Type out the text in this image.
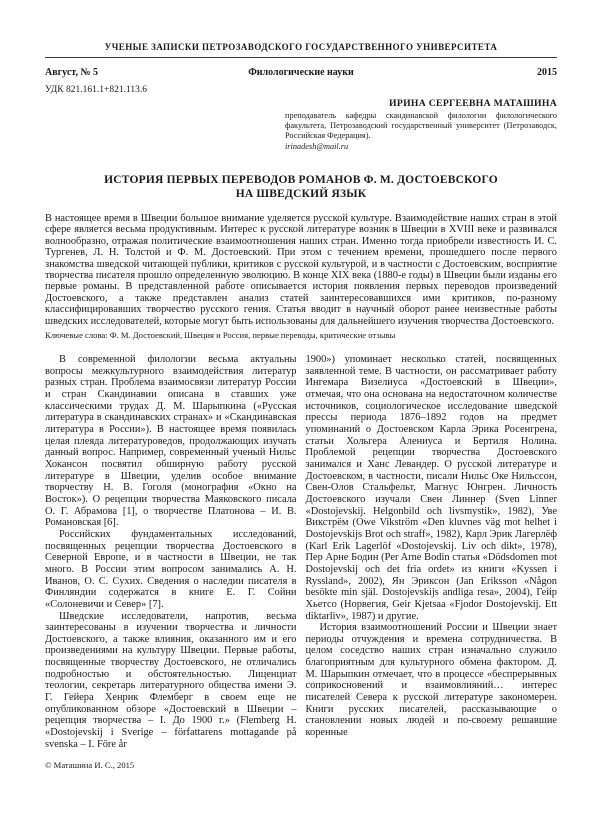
УЧЕНЫЕ ЗАПИСКИ ПЕТРОЗАВОДСКОГО ГОСУДАРСТВЕННОГО УНИВЕРСИТЕТА
Август, № 5	Филологические науки	2015
УДК 821.161.1+821.113.6
ИРИНА СЕРГЕЕВНА МАТАШИНА
преподаватель кафедры скандинавской филологии филологического факультета, Петрозаводский государственный университет (Петрозаводск, Российская Федерация).
irinadesh@mail.ru
ИСТОРИЯ ПЕРВЫХ ПЕРЕВОДОВ РОМАНОВ Ф. М. ДОСТОЕВСКОГО
НА ШВЕДСКИЙ ЯЗЫК

В настоящее время в Швеции большое внимание уделяется русской культуре. Взаимодействие наших стран в этой сфере является весьма продуктивным. Интерес к русской литературе возник в Швеции в XVIII веке и развивался волнообразно, отражая политические взаимоотношения наших стран. Именно тогда приобрели известность И. С. Тургенев, Л. Н. Толстой и Ф. М. Достоевский. При этом с течением времени, прошедшего после первого знакомства шведской читающей публики, критиков с русской культурой, и в частности с Достоевским, восприятие творчества писателя прошло определенную эволюцию. В конце XIX века (1880-е годы) в Швеции были изданы его первые романы. В представленной работе описывается история появления первых переводов произведений Достоевского, а также представлен анализ статей заинтересовавшихся ими критиков, по-разному классифицировавших творчество русского гения. Статья вводит в научный оборот ранее неизвестные работы шведских исследователей, которые могут быть использованы для дальнейшего изучения творчества Достоевского.

Ключевые слова: Ф. М. Достоевский, Швеция и Россия, первые переводы, критические отзывы

В современной филологии весьма актуальны вопросы межкультурного взаимодействия литератур разных стран. Проблема взаимосвязи литератур России и стран Скандинавии описана в ставших уже классическими трудах Д. М. Шарыпкина («Русская литература в скандинавских странах» и «Скандинавская литература в России»). В настоящее время появилась целая плеяда литературоведов, продолжающих изучать данный вопрос. Например, современный ученый Нильс Хокансон посвятил обширную работу русской литературе в Швеции, уделив особое внимание творчеству Н. В. Гоголя (монография «Окно на Восток»). О рецепции творчества Маяковского писала О. Г. Абрамова [1], о творчестве Платонова – И. В. Романовская [6].

Российских фундаментальных исследований, посвященных рецепции творчества Достоевского в Северной Европе, и в частности в Швеции, не так много. В России этим вопросом занимались А. Н. Иванов, О. С. Сухих. Сведения о наследии писателя в Финляндии содержатся в книге Е. Г. Сойни «Солоневичи и Север» [7].

Шведские исследователи, напротив, весьма заинтересованы в изучении творчества и личности Достоевского, а также влияния, оказанного им и его произведениями на культуру Швеции. Первые работы, посвященные творчеству Достоевского, не отличались подробностью и обстоятельностью. Лиценциат теологии, секретарь литературного общества имени Э. Г. Гейера Хенрик Флемберг в своем еще не опубликованном обзоре «Достоевский в Швеции – рецепция творчества – I. До 1900 г.» (Flemberg H. «Dostojevskij i Sverige – författarens mottagande på svenska – I. Före år

1900») упоминает несколько статей, посвященных заявленной теме. В частности, он рассматривает работу Ингемара Визелиуса «Достоевский в Швеции», отмечая, что она основана на недостаточном количестве источников, социологическое исследование шведской прессы периода 1876–1892 годов на предмет упоминаний о Достоевском Карла Эрика Росенгрена, статьи Хольгера Алениуса и Бертиля Нолина. Проблемой рецепции творчества Достоевского занимался и Ханс Левандер. О русской литературе и Достоевском, в частности, писали Нильс Оке Нильссон, Свен-Олов Стальфельт, Магнус Юнгрен. Личность Достоевского изучали Свен Линнер (Sven Linner «Dostojevskij. Helgonbild och livsmystik», 1982), Уве Викстрём (Owe Vikström «Den kluvnes väg mot helhet i Dostojevskijs Brot och straff», 1982), Карл Эрик Лагерлёф (Karl Erik Lagerlöf «Dostojevskij. Liv och dikt», 1978), Пер Арне Бодин (Per Arne Bodin статья «Dödsdomen mot Dostojevskij och det fria ordet» из книги «Kyssen i Ryssland», 2002), Ян Эриксон (Jan Eriksson «Någon besökte min själ. Dostojevskijs andliga resa», 2004), Гейр Хьетсо (Норвегия, Geir Kjetsaa «Fjodor Dostojevskij. Ett diktarliv», 1987) и другие.

История взаимоотношений России и Швеции знает периоды отчуждения и времена сотрудничества. В целом соседство наших стран изначально служило благоприятным для культурного обмена фактором. Д. М. Шарыпкин отмечает, что в процессе «беспрерывных соприкосновений и взаимовлияний… интерес писателей Севера к русской литературе закономерен. Книги русских писателей, рассказывающие о становлении новых людей и по-своему решавшие коренные

© Маташина И. С., 2015
